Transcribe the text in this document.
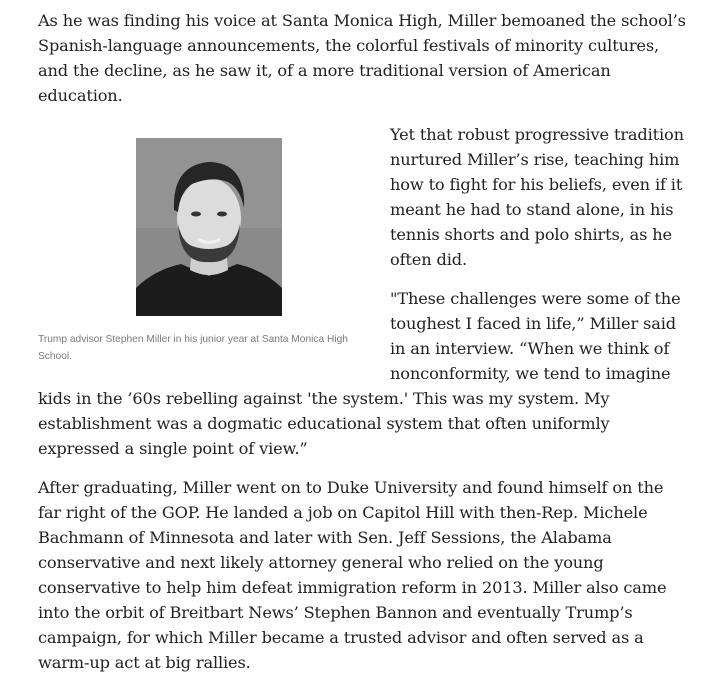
As he was finding his voice at Santa Monica High, Miller bemoaned the school’s Spanish-language announcements, the colorful festivals of minority cultures, and the decline, as he saw it, of a more traditional version of American education.

Trump advisor Stephen Miller in his junior year at Santa Monica High School.

Yet that robust progressive tradition nurtured Miller’s rise, teaching him how to fight for his beliefs, even if it meant he had to stand alone, in his tennis shorts and polo shirts, as he often did.

"These challenges were some of the toughest I faced in life,” Miller said in an interview. “When we think of nonconformity, we tend to imagine kids in the ’60s rebelling against 'the system.' This was my system. My establishment was a dogmatic educational system that often uniformly expressed a single point of view.”

After graduating, Miller went on to Duke University and found himself on the far right of the GOP. He landed a job on Capitol Hill with then-Rep. Michele Bachmann of Minnesota and later with Sen. Jeff Sessions, the Alabama conservative and next likely attorney general who relied on the young conservative to help him defeat immigration reform in 2013. Miller also came into the orbit of Breitbart News’ Stephen Bannon and eventually Trump’s campaign, for which Miller became a trusted advisor and often served as a warm-up act at big rallies.
